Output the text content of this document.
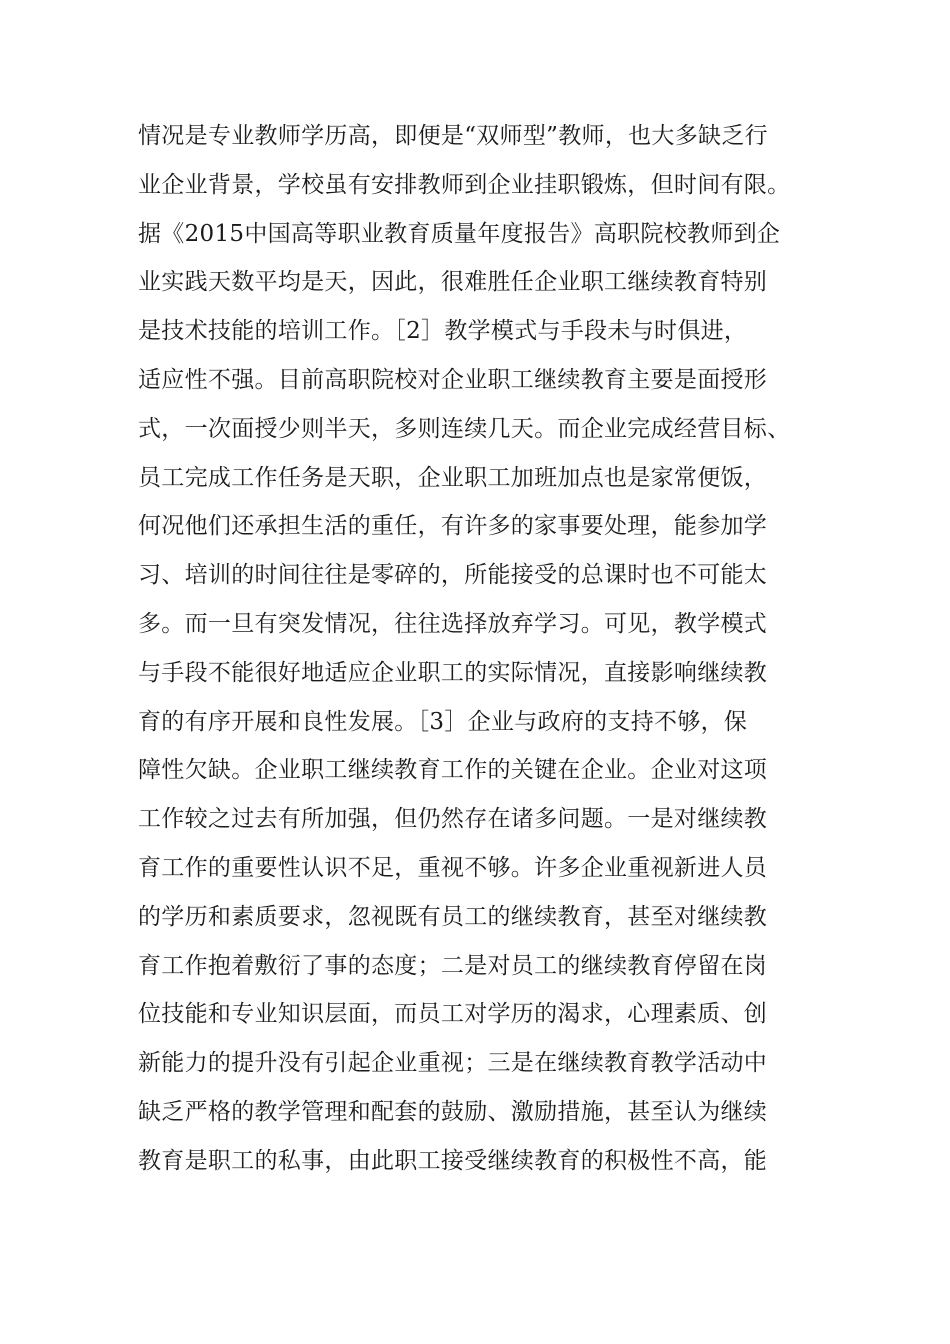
情况是专业教师学历高，即便是“双师型”教师，也大多缺乏行
业企业背景，学校虽有安排教师到企业挂职锻炼，但时间有限。
据《2015中国高等职业教育质量年度报告》高职院校教师到企
业实践天数平均是天，因此，很难胜任企业职工继续教育特别
是技术技能的培训工作。［2］教学模式与手段未与时俱进，
适应性不强。目前高职院校对企业职工继续教育主要是面授形
式，一次面授少则半天，多则连续几天。而企业完成经营目标、
员工完成工作任务是天职，企业职工加班加点也是家常便饭，
何况他们还承担生活的重任，有许多的家事要处理，能参加学
习、培训的时间往往是零碎的，所能接受的总课时也不可能太
多。而一旦有突发情况，往往选择放弃学习。可见，教学模式
与手段不能很好地适应企业职工的实际情况，直接影响继续教
育的有序开展和良性发展。［3］企业与政府的支持不够，保
障性欠缺。企业职工继续教育工作的关键在企业。企业对这项
工作较之过去有所加强，但仍然存在诸多问题。一是对继续教
育工作的重要性认识不足，重视不够。许多企业重视新进人员
的学历和素质要求，忽视既有员工的继续教育，甚至对继续教
育工作抱着敷衍了事的态度；二是对员工的继续教育停留在岗
位技能和专业知识层面，而员工对学历的渴求，心理素质、创
新能力的提升没有引起企业重视；三是在继续教育教学活动中
缺乏严格的教学管理和配套的鼓励、激励措施，甚至认为继续
教育是职工的私事，由此职工接受继续教育的积极性不高，能
